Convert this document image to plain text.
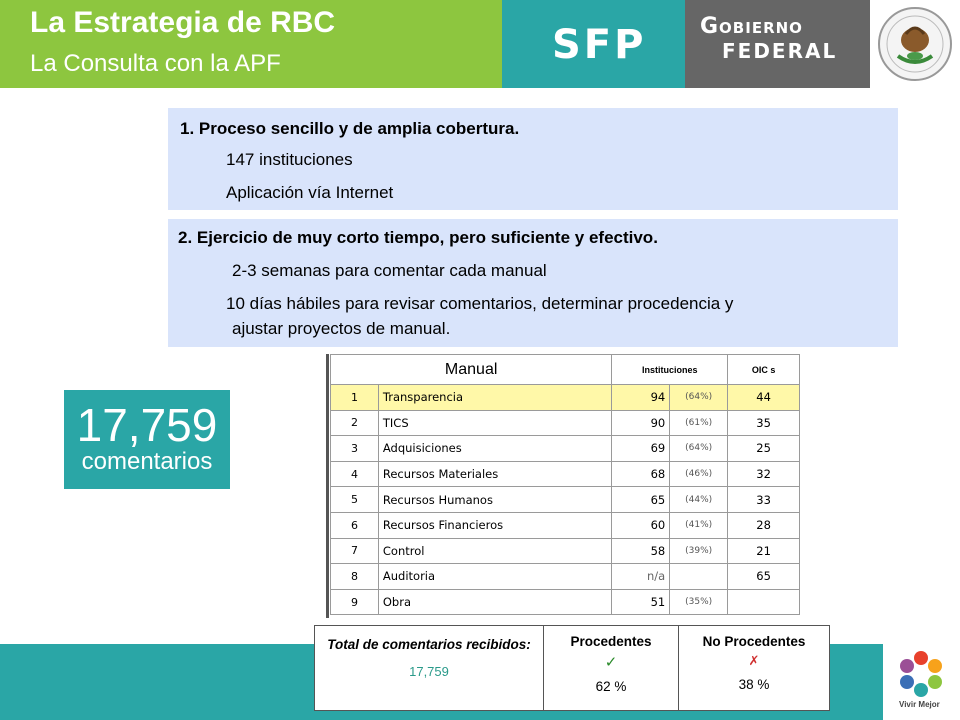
La Estrategia de RBC
La Consulta con la APF	SFP Gobierno
FEDERAL
1. Proceso sencillo y de amplia cobertura.
147 instituciones
Aplicación vía Internet
2. Ejercicio de muy corto tiempo, pero suficiente y efectivo.
2-3 semanas para comentar cada manual
10 días hábiles para revisar comentarios, determinar procedencia y
ajustar proyectos de manual.
17,759
comentarios
Manual		Instituciones		OIC s
1	Transparencia	94	(64%)	44
2	TICS	90	(61%)	35
3	Adquisiciones	69	(64%)	25
4	Recursos Materiales	68	(46%)	32
5	Recursos Humanos	65	(44%)	33
6	Recursos Financieros	60	(41%)	28
7	Control	58	(39%)	21
8	Auditoria	n/a		65
9	Obra	51	(35%)	
Vivir Mejor
Total de comentarios recibidos:
17,759

Procedentes
✓
62 %

No Procedentes
✗
38 %
